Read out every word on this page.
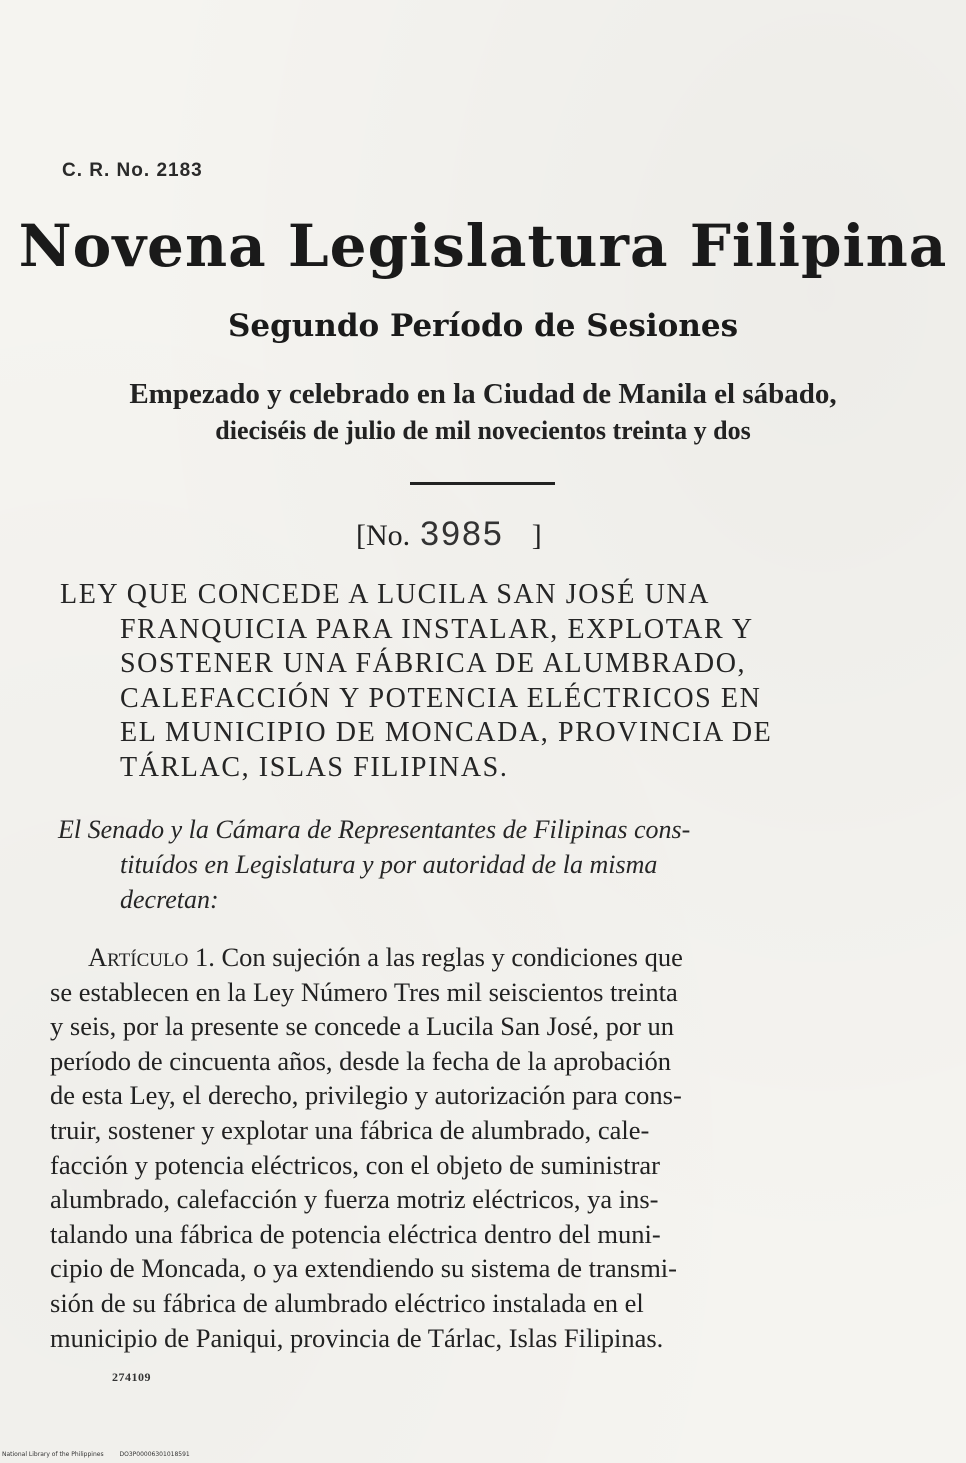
C. R. No. 2183
Novena Legislatura Filipina
Segundo Período de Sesiones
Empezado y celebrado en la Ciudad de Manila el sábado,
dieciséis de julio de mil novecientos treinta y dos
[No. 3985 ]
LEY QUE CONCEDE A LUCILA SAN JOSÉ UNA
FRANQUICIA PARA INSTALAR, EXPLOTAR Y
SOSTENER UNA FÁBRICA DE ALUMBRADO,
CALEFACCIÓN Y POTENCIA ELÉCTRICOS EN
EL MUNICIPIO DE MONCADA, PROVINCIA DE
TÁRLAC, ISLAS FILIPINAS.
El Senado y la Cámara de Representantes de Filipinas cons-
tituídos en Legislatura y por autoridad de la misma
decretan:
Artículo 1. Con sujeción a las reglas y condiciones que
se establecen en la Ley Número Tres mil seiscientos treinta
y seis, por la presente se concede a Lucila San José, por un
período de cincuenta años, desde la fecha de la aprobación
de esta Ley, el derecho, privilegio y autorización para cons-
truir, sostener y explotar una fábrica de alumbrado, cale-
facción y potencia eléctricos, con el objeto de suministrar
alumbrado, calefacción y fuerza motriz eléctricos, ya ins-
talando una fábrica de potencia eléctrica dentro del muni-
cipio de Moncada, o ya extendiendo su sistema de transmi-
sión de su fábrica de alumbrado eléctrico instalada en el
municipio de Paniqui, provincia de Tárlac, Islas Filipinas.
274109
National Library of the Philippines	DO3P00006301018591
